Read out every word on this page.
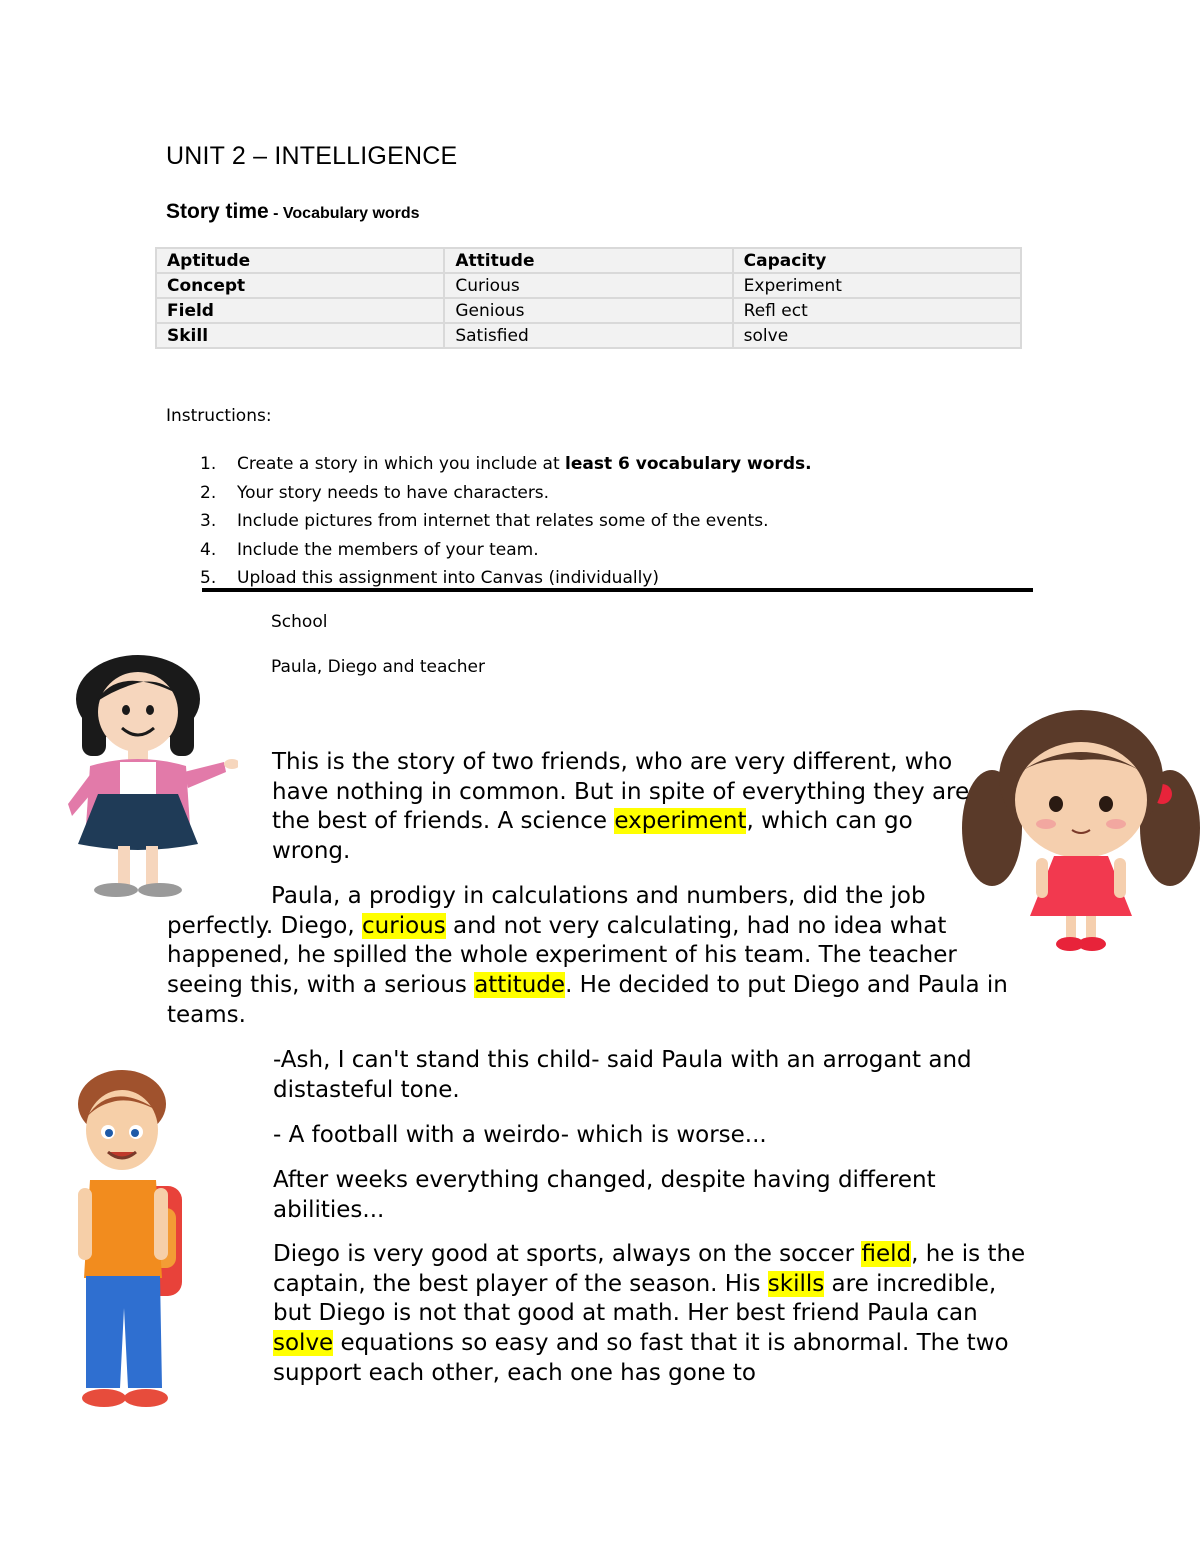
UNIT 2 – INTELLIGENCE
Story time - Vocabulary words
Aptitude	Attitude	Capacity
Concept	Curious	Experiment
Field	Genious	Refl ect
Skill	Satisfied	solve
Instructions:
1. Create a story in which you include at least 6 vocabulary words.
2. Your story needs to have characters.
3. Include pictures from internet that relates some of the events.
4. Include the members of your team.
5. Upload this assignment into Canvas (individually)
School
Paula, Diego and teacher
This is the story of two friends, who are very different, who have nothing in common. But in spite of everything they are the best of friends. A science experiment, which can go wrong.
Paula, a prodigy in calculations and numbers, did the job perfectly. Diego, curious and not very calculating, had no idea what happened, he spilled the whole experiment of his team. The teacher seeing this, with a serious attitude. He decided to put Diego and Paula in teams.
-Ash, I can't stand this child- said Paula with an arrogant and distasteful tone.
- A football with a weirdo- which is worse...
After weeks everything changed, despite having different abilities...
Diego is very good at sports, always on the soccer field, he is the captain, the best player of the season. His skills are incredible, but Diego is not that good at math. Her best friend Paula can solve equations so easy and so fast that it is abnormal. The two support each other, each one has gone to
